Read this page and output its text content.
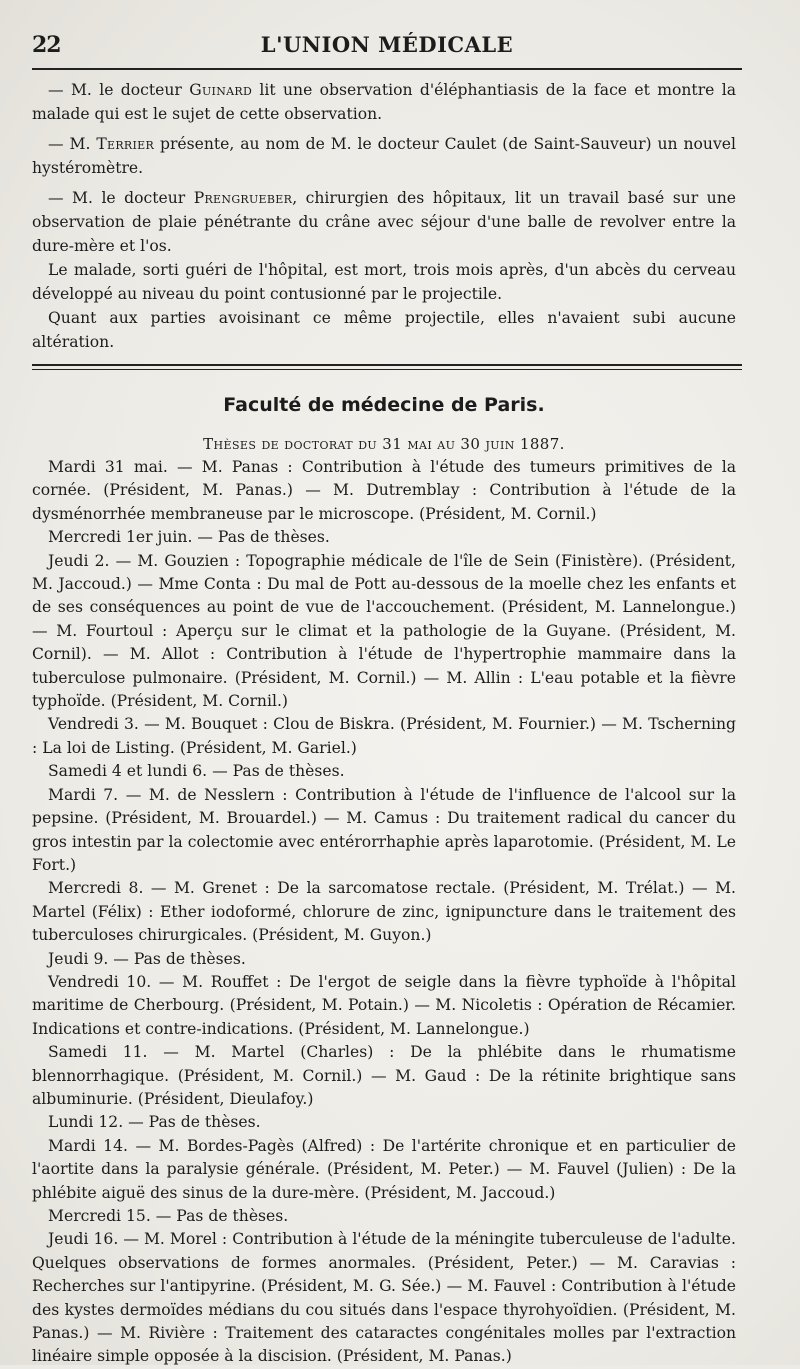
22	L'UNION MÉDICALE

— M. le docteur Guinard lit une observation d'éléphantiasis de la face et montre la malade qui est le sujet de cette observation.

— M. Terrier présente, au nom de M. le docteur Caulet (de Saint-Sauveur) un nouvel hystéromètre.

— M. le docteur Prengrueber, chirurgien des hôpitaux, lit un travail basé sur une observation de plaie pénétrante du crâne avec séjour d'une balle de revolver entre la dure-mère et l'os.

Le malade, sorti guéri de l'hôpital, est mort, trois mois après, d'un abcès du cerveau développé au niveau du point contusionné par le projectile.

Quant aux parties avoisinant ce même projectile, elles n'avaient subi aucune altération.

Faculté de médecine de Paris.
Thèses de doctorat du 31 mai au 30 juin 1887.

Mardi 31 mai. — M. Panas : Contribution à l'étude des tumeurs primitives de la cornée. (Président, M. Panas.) — M. Dutremblay : Contribution à l'étude de la dysménorrhée membraneuse par le microscope. (Président, M. Cornil.)

Mercredi 1er juin. — Pas de thèses.

Jeudi 2. — M. Gouzien : Topographie médicale de l'île de Sein (Finistère). (Président, M. Jaccoud.) — Mme Conta : Du mal de Pott au-dessous de la moelle chez les enfants et de ses conséquences au point de vue de l'accouchement. (Président, M. Lannelongue.) — M. Fourtoul : Aperçu sur le climat et la pathologie de la Guyane. (Président, M. Cornil). — M. Allot : Contribution à l'étude de l'hypertrophie mammaire dans la tuberculose pulmonaire. (Président, M. Cornil.) — M. Allin : L'eau potable et la fièvre typhoïde. (Président, M. Cornil.)

Vendredi 3. — M. Bouquet : Clou de Biskra. (Président, M. Fournier.) — M. Tscherning : La loi de Listing. (Président, M. Gariel.)

Samedi 4 et lundi 6. — Pas de thèses.

Mardi 7. — M. de Nesslern : Contribution à l'étude de l'influence de l'alcool sur la pepsine. (Président, M. Brouardel.) — M. Camus : Du traitement radical du cancer du gros intestin par la colectomie avec entérorrhaphie après laparotomie. (Président, M. Le Fort.)

Mercredi 8. — M. Grenet : De la sarcomatose rectale. (Président, M. Trélat.) — M. Martel (Félix) : Ether iodoformé, chlorure de zinc, ignipuncture dans le traitement des tuberculoses chirurgicales. (Président, M. Guyon.)

Jeudi 9. — Pas de thèses.

Vendredi 10. — M. Rouffet : De l'ergot de seigle dans la fièvre typhoïde à l'hôpital maritime de Cherbourg. (Président, M. Potain.) — M. Nicoletis : Opération de Récamier. Indications et contre-indications. (Président, M. Lannelongue.)

Samedi 11. — M. Martel (Charles) : De la phlébite dans le rhumatisme blennorrhagique. (Président, M. Cornil.) — M. Gaud : De la rétinite brightique sans albuminurie. (Président, Dieulafoy.)

Lundi 12. — Pas de thèses.

Mardi 14. — M. Bordes-Pagès (Alfred) : De l'artérite chronique et en particulier de l'aortite dans la paralysie générale. (Président, M. Peter.) — M. Fauvel (Julien) : De la phlébite aiguë des sinus de la dure-mère. (Président, M. Jaccoud.)

Mercredi 15. — Pas de thèses.

Jeudi 16. — M. Morel : Contribution à l'étude de la méningite tuberculeuse de l'adulte. Quelques observations de formes anormales. (Président, Peter.) — M. Caravias : Recherches sur l'antipyrine. (Président, M. G. Sée.) — M. Fauvel : Contribution à l'étude des kystes dermoïdes médians du cou situés dans l'espace thyrohyoïdien. (Président, M. Panas.) — M. Rivière : Traitement des cataractes congénitales molles par l'extraction linéaire simple opposée à la discision. (Président, M. Panas.)
